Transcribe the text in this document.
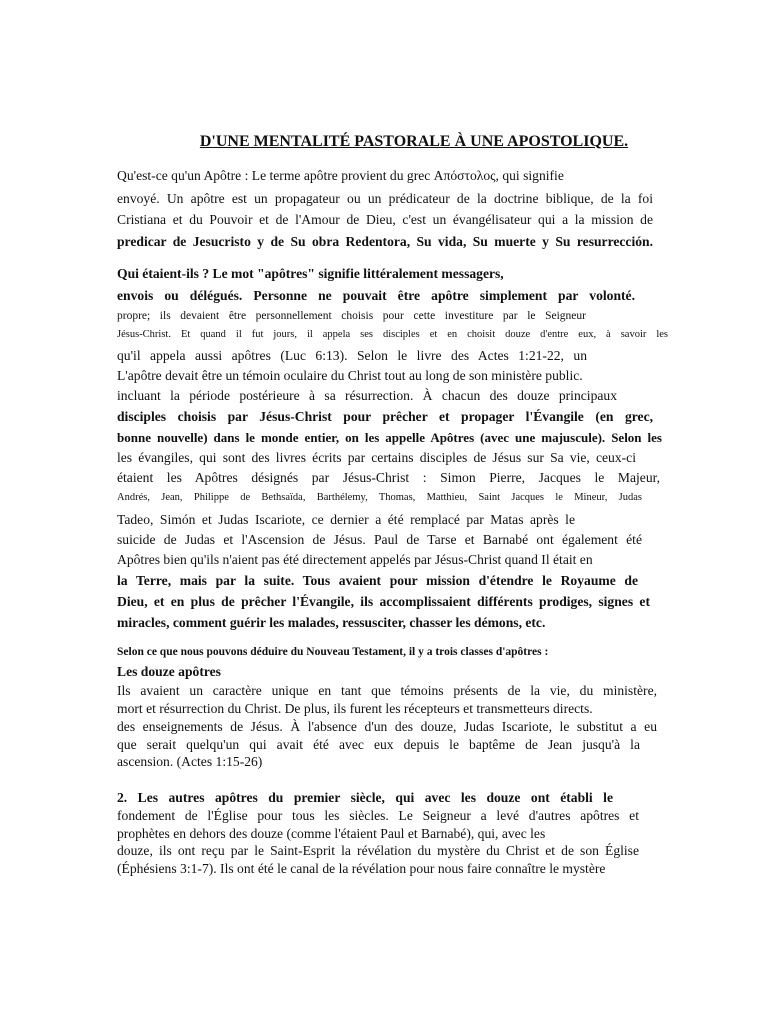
D'UNE MENTALITÉ PASTORALE À UNE APOSTOLIQUE.
Qu'est-ce qu'un Apôtre : Le terme apôtre provient du grec Απόστολος, qui signifie
envoyé. Un apôtre est un propagateur ou un prédicateur de la doctrine biblique, de la foi
Cristiana et du Pouvoir et de l'Amour de Dieu, c'est un évangélisateur qui a la mission de
predicar de Jesucristo y de Su obra Redentora, Su vida, Su muerte y Su resurrección.
Qui étaient-ils ? Le mot "apôtres" signifie littéralement messagers,
envois ou délégués. Personne ne pouvait être apôtre simplement par volonté.
propre; ils devaient être personnellement choisis pour cette investiture par le Seigneur
Jésus-Christ. Et quand il fut jours, il appela ses disciples et en choisit douze d'entre eux, à savoir les
qu'il appela aussi apôtres (Luc 6:13). Selon le livre des Actes 1:21-22, un
L'apôtre devait être un témoin oculaire du Christ tout au long de son ministère public.
incluant la période postérieure à sa résurrection. À chacun des douze principaux
disciples choisis par Jésus-Christ pour prêcher et propager l'Évangile (en grec,
bonne nouvelle) dans le monde entier, on les appelle Apôtres (avec une majuscule). Selon les
les évangiles, qui sont des livres écrits par certains disciples de Jésus sur Sa vie, ceux-ci
étaient les Apôtres désignés par Jésus-Christ : Simon Pierre, Jacques le Majeur,
Andrés, Jean, Philippe de Bethsaïda, Barthélemy, Thomas, Matthieu, Saint Jacques le Mineur, Judas
Tadeo, Simón et Judas Iscariote, ce dernier a été remplacé par Matas après le
suicide de Judas et l'Ascension de Jésus. Paul de Tarse et Barnabé ont également été
Apôtres bien qu'ils n'aient pas été directement appelés par Jésus-Christ quand Il était en
la Terre, mais par la suite. Tous avaient pour mission d'étendre le Royaume de
Dieu, et en plus de prêcher l'Évangile, ils accomplissaient différents prodiges, signes et
miracles, comment guérir les malades, ressusciter, chasser les démons, etc.
Selon ce que nous pouvons déduire du Nouveau Testament, il y a trois classes d'apôtres :
Les douze apôtres
Ils avaient un caractère unique en tant que témoins présents de la vie, du ministère,
mort et résurrection du Christ. De plus, ils furent les récepteurs et transmetteurs directs.
des enseignements de Jésus. À l'absence d'un des douze, Judas Iscariote, le substitut a eu
que serait quelqu'un qui avait été avec eux depuis le baptême de Jean jusqu'à la
ascension. (Actes 1:15-26)
2. Les autres apôtres du premier siècle, qui avec les douze ont établi le
fondement de l'Église pour tous les siècles. Le Seigneur a levé d'autres apôtres et
prophètes en dehors des douze (comme l'étaient Paul et Barnabé), qui, avec les
douze, ils ont reçu par le Saint-Esprit la révélation du mystère du Christ et de son Église
(Éphésiens 3:1-7). Ils ont été le canal de la révélation pour nous faire connaître le mystère
